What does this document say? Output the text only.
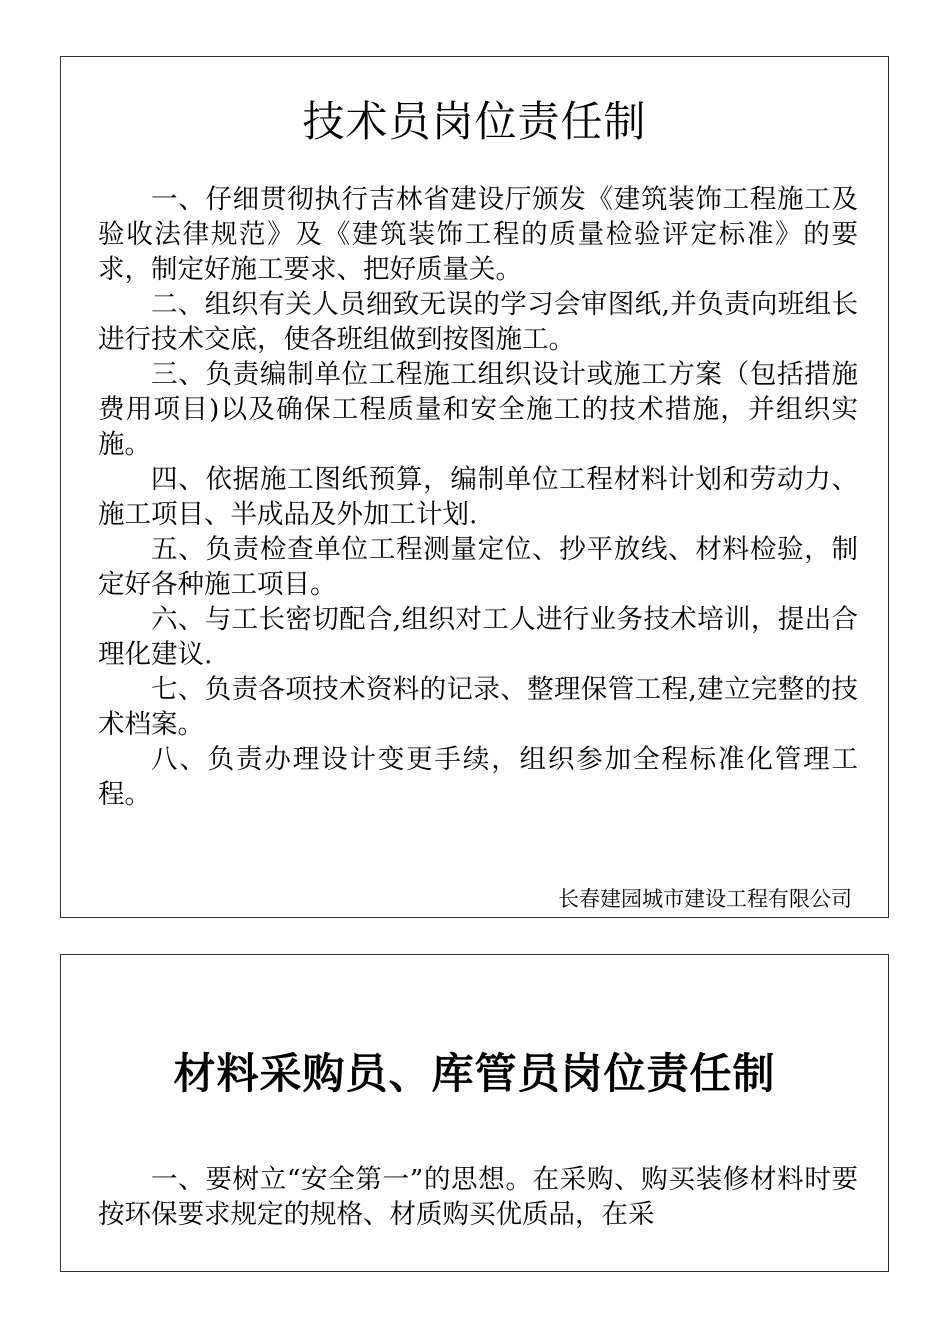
技术员岗位责任制

一、仔细贯彻执行吉林省建设厅颁发《建筑装饰工程施工及验收法律规范》及《建筑装饰工程的质量检验评定标准》的要求，制定好施工要求、把好质量关。

二、组织有关人员细致无误的学习会审图纸,并负责向班组长进行技术交底，使各班组做到按图施工。

三、负责编制单位工程施工组织设计或施工方案（包括措施费用项目)以及确保工程质量和安全施工的技术措施，并组织实施。

四、依据施工图纸预算，编制单位工程材料计划和劳动力、施工项目、半成品及外加工计划.

五、负责检查单位工程测量定位、抄平放线、材料检验，制定好各种施工项目。

六、与工长密切配合,组织对工人进行业务技术培训，提出合理化建议.

七、负责各项技术资料的记录、整理保管工程,建立完整的技术档案。

八、负责办理设计变更手续，组织参加全程标准化管理工程。

长春建园城市建设工程有限公司
材料采购员、库管员岗位责任制

一、要树立“安全第一”的思想。在采购、购买装修材料时要按环保要求规定的规格、材质购买优质品，在采
